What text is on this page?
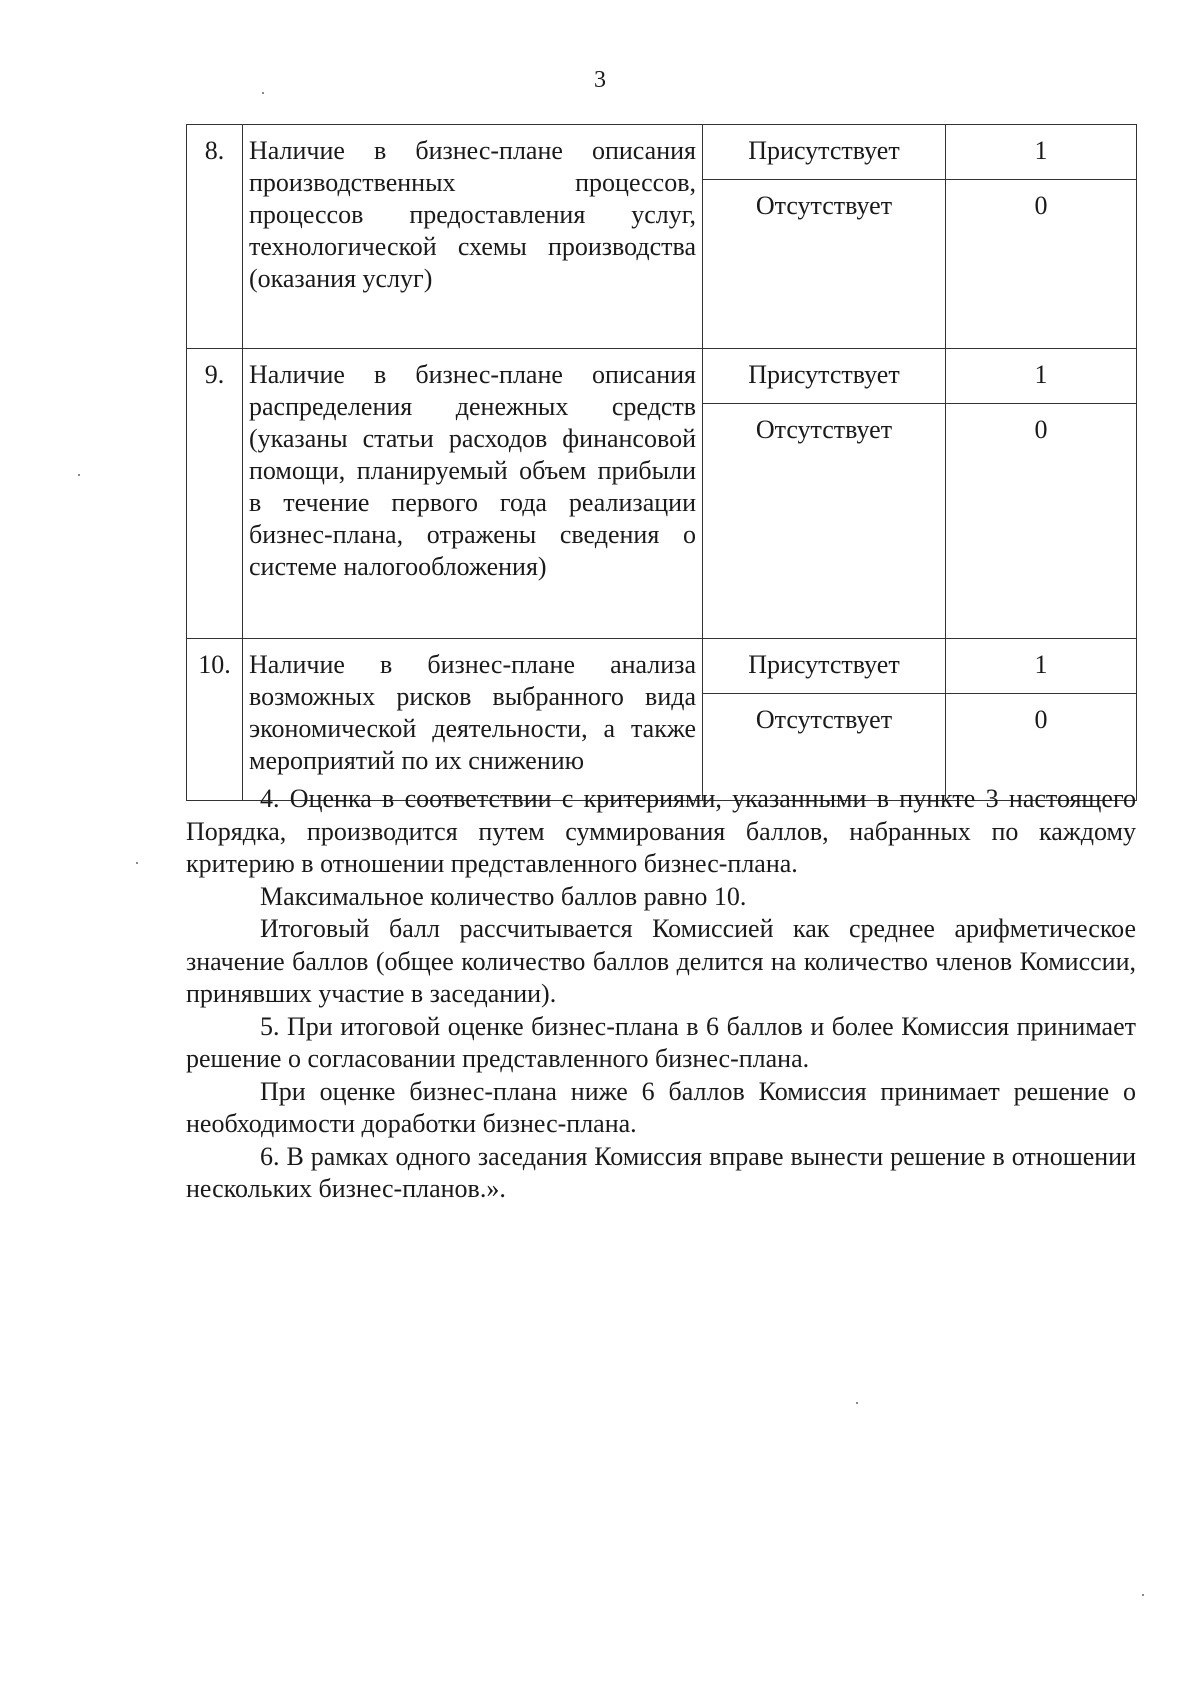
3
8.	Наличие в бизнес-плане описания производственных процессов, процессов предоставления услуг, технологической схемы производства (оказания услуг)	Присутствует	1
		Отсутствует	0
9.	Наличие в бизнес-плане описания распределения денежных средств (указаны статьи расходов финансовой помощи, планируемый объем прибыли в течение первого года реализации бизнес-плана, отражены сведения о системе налогообложения)	Присутствует	1
		Отсутствует	0
10.	Наличие в бизнес-плане анализа возможных рисков выбранного вида экономической деятельности, а также мероприятий по их снижению	Присутствует	1
		Отсутствует	0

4. Оценка в соответствии с критериями, указанными в пункте 3 настоящего Порядка, производится путем суммирования баллов, набранных по каждому критерию в отношении представленного бизнес-плана.

Максимальное количество баллов равно 10.

Итоговый балл рассчитывается Комиссией как среднее арифметическое значение баллов (общее количество баллов делится на количество членов Комиссии, принявших участие в заседании).

5. При итоговой оценке бизнес-плана в 6 баллов и более Комиссия принимает решение о согласовании представленного бизнес-плана.

При оценке бизнес-плана ниже 6 баллов Комиссия принимает решение о необходимости доработки бизнес-плана.

6. В рамках одного заседания Комиссия вправе вынести решение в отношении нескольких бизнес-планов.».
